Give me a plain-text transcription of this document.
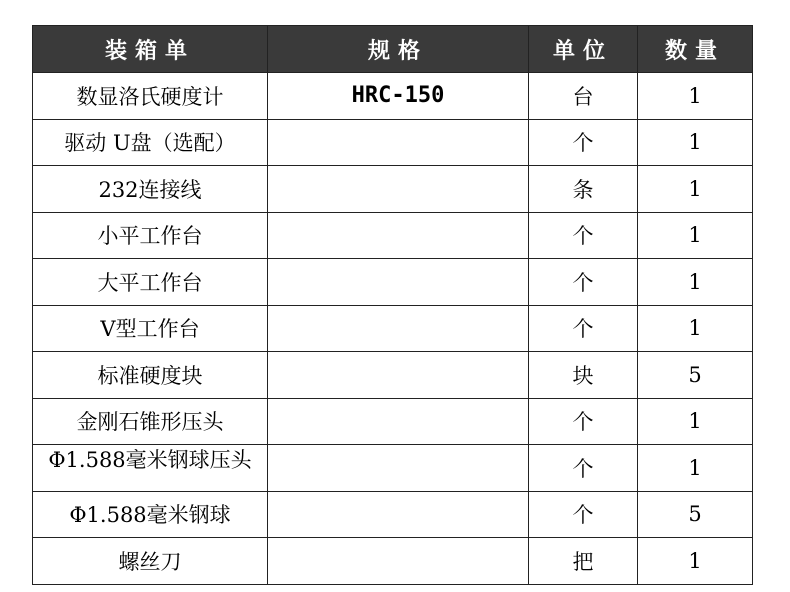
装箱单	规格	单位	数量
数显洛氏硬度计	HRC-150	台	1
驱动 U盘（选配）		个	1
232连接线		条	1
小平工作台		个	1
大平工作台		个	1
V型工作台		个	1
标准硬度块		块	5
金刚石锥形压头		个	1

Φ1.588毫米钢球压头		个	1
Φ1.588毫米钢球		个	5
螺丝刀		把	1
